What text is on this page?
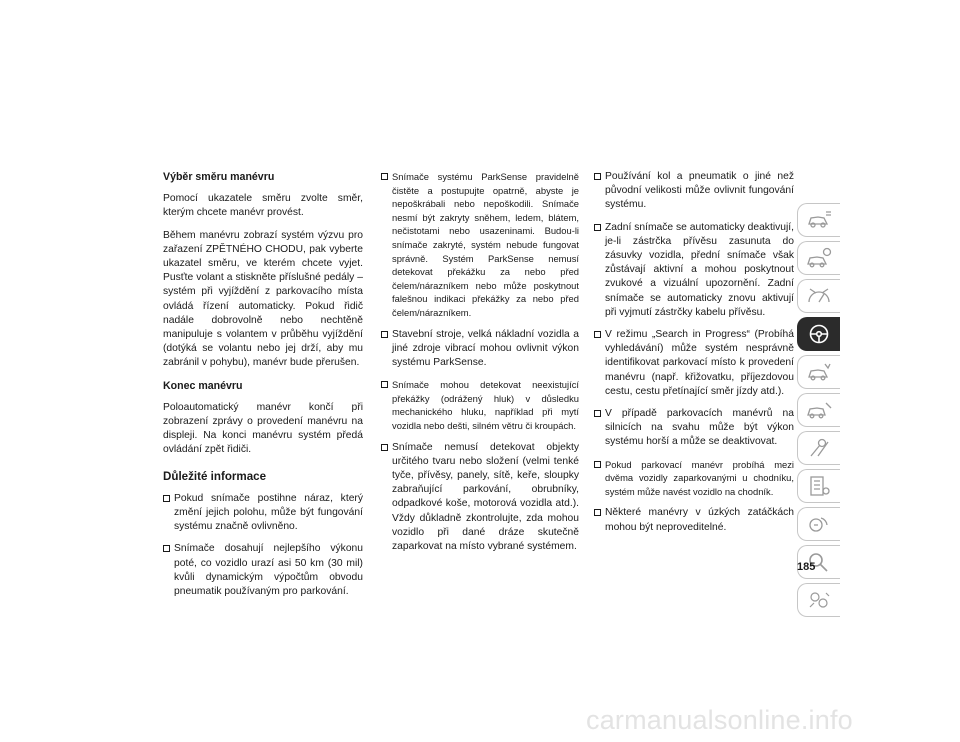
Výběr směru manévru

Pomocí ukazatele směru zvolte směr, kterým chcete manévr provést.

Během manévru zobrazí systém výzvu pro zařazení ZPĚTNÉHO CHODU, pak vyberte ukazatel směru, ve kterém chcete vyjet. Pusťte volant a stiskněte příslušné pedály – systém při vyjíždění z parkovacího místa ovládá řízení automaticky. Pokud řidič nadále dobrovolně nebo nechtěně manipuluje s volantem v průběhu vyjíždění (dotýká se volantu nebo jej drží, aby mu zabránil v pohybu), manévr bude přerušen.

Konec manévru

Poloautomatický manévr končí při zobrazení zprávy o provedení manévru na displeji. Na konci manévru systém předá ovládání zpět řidiči.

Důležité informace
Pokud snímače postihne náraz, který změní jejich polohu, může být fungování systému značně ovlivněno.
Snímače dosahují nejlepšího výkonu poté, co vozidlo urazí asi 50 km (30 mil) kvůli dynamickým výpočtům obvodu pneumatik používaným pro parkování.
Snímače systému ParkSense pravidelně čistěte a postupujte opatrně, abyste je nepoškrábali nebo nepoškodili. Snímače nesmí být zakryty sněhem, ledem, blátem, nečistotami nebo usazeninami. Budou-li snímače zakryté, systém nebude fungovat správně. Systém ParkSense nemusí detekovat překážku za nebo před čelem/nárazníkem nebo může poskytnout falešnou indikaci překážky za nebo před čelem/nárazníkem.
Stavební stroje, velká nákladní vozidla a jiné zdroje vibrací mohou ovlivnit výkon systému ParkSense.
Snímače mohou detekovat neexistující překážky (odrážený hluk) v důsledku mechanického hluku, například při mytí vozidla nebo dešti, silném větru či kroupách.
Snímače nemusí detekovat objekty určitého tvaru nebo složení (velmi tenké tyče, přívěsy, panely, sítě, keře, sloupky zabraňující parkování, obrubníky, odpadkové koše, motorová vozidla atd.). Vždy důkladně zkontrolujte, zda mohou vozidlo při dané dráze skutečně zaparkovat na místo vybrané systémem.
Používání kol a pneumatik o jiné než původní velikosti může ovlivnit fungování systému.
Zadní snímače se automaticky deaktivují, je-li zástrčka přívěsu zasunuta do zásuvky vozidla, přední snímače však zůstávají aktivní a mohou poskytnout zvukové a vizuální upozornění. Zadní snímače se automaticky znovu aktivují při vyjmutí zástrčky kabelu přívěsu.
V režimu „Search in Progress“ (Probíhá vyhledávání) může systém nesprávně identifikovat parkovací místo k provedení manévru (např. křižovatku, příjezdovou cestu, cestu přetínající směr jízdy atd.).
V případě parkovacích manévrů na silnicích na svahu může být výkon systému horší a může se deaktivovat.
Pokud parkovací manévr probíhá mezi dvěma vozidly zaparkovanými u chodníku, systém může navést vozidlo na chodník.
Některé manévry v úzkých zatáčkách mohou být neproveditelné.
185
carmanualsonline.info
